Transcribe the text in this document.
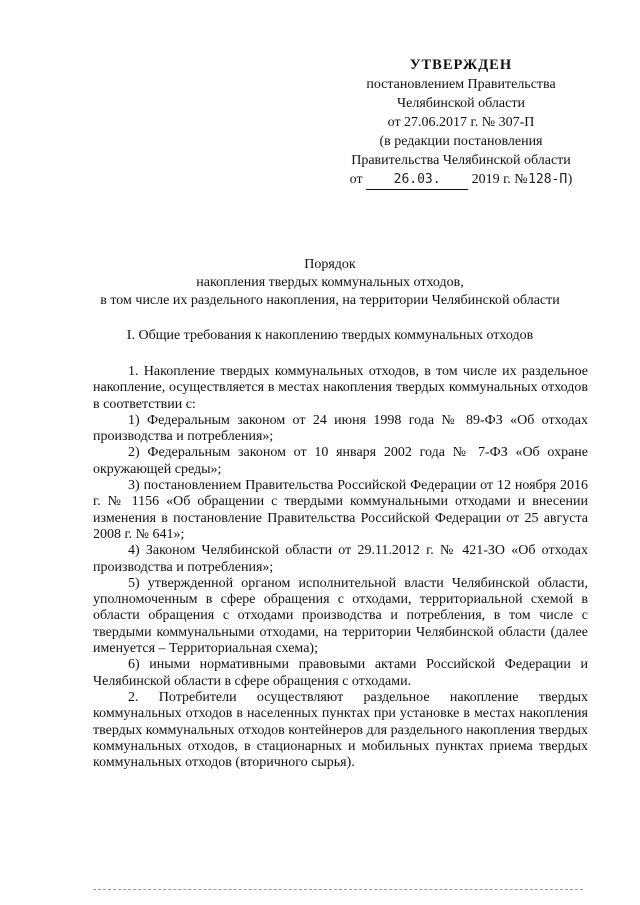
УТВЕРЖДЕН
постановлением Правительства
Челябинской области
от 27.06.2017 г. № 307-П
(в редакции постановления
Правительства Челябинской области
от 26.03. 2019 г. №128-П)
Порядок
накопления твердых коммунальных отходов,
в том числе их раздельного накопления, на территории Челябинской области
I. Общие требования к накоплению твердых коммунальных отходов

1. Накопление твердых коммунальных отходов, в том числе их раздельное накопление, осуществляется в местах накопления твердых коммунальных отходов в соответствии с:

1) Федеральным законом от 24 июня 1998 года № 89-ФЗ «Об отходах производства и потребления»;

2) Федеральным законом от 10 января 2002 года № 7-ФЗ «Об охране окружающей среды»;

3) постановлением Правительства Российской Федерации от 12 ноября 2016 г. № 1156 «Об обращении с твердыми коммунальными отходами и внесении изменения в постановление Правительства Российской Федерации от 25 августа 2008 г. № 641»;

4) Законом Челябинской области от 29.11.2012 г. № 421-ЗО «Об отходах производства и потребления»;

5) утвержденной органом исполнительной власти Челябинской области, уполномоченным в сфере обращения с отходами, территориальной схемой в области обращения с отходами производства и потребления, в том числе с твердыми коммунальными отходами, на территории Челябинской области (далее именуется – Территориальная схема);

6) иными нормативными правовыми актами Российской Федерации и Челябинской области в сфере обращения с отходами.

2. Потребители осуществляют раздельное накопление твердых коммунальных отходов в населенных пунктах при установке в местах накопления твердых коммунальных отходов контейнеров для раздельного накопления твердых коммунальных отходов, в стационарных и мобильных пунктах приема твердых коммунальных отходов (вторичного сырья).
